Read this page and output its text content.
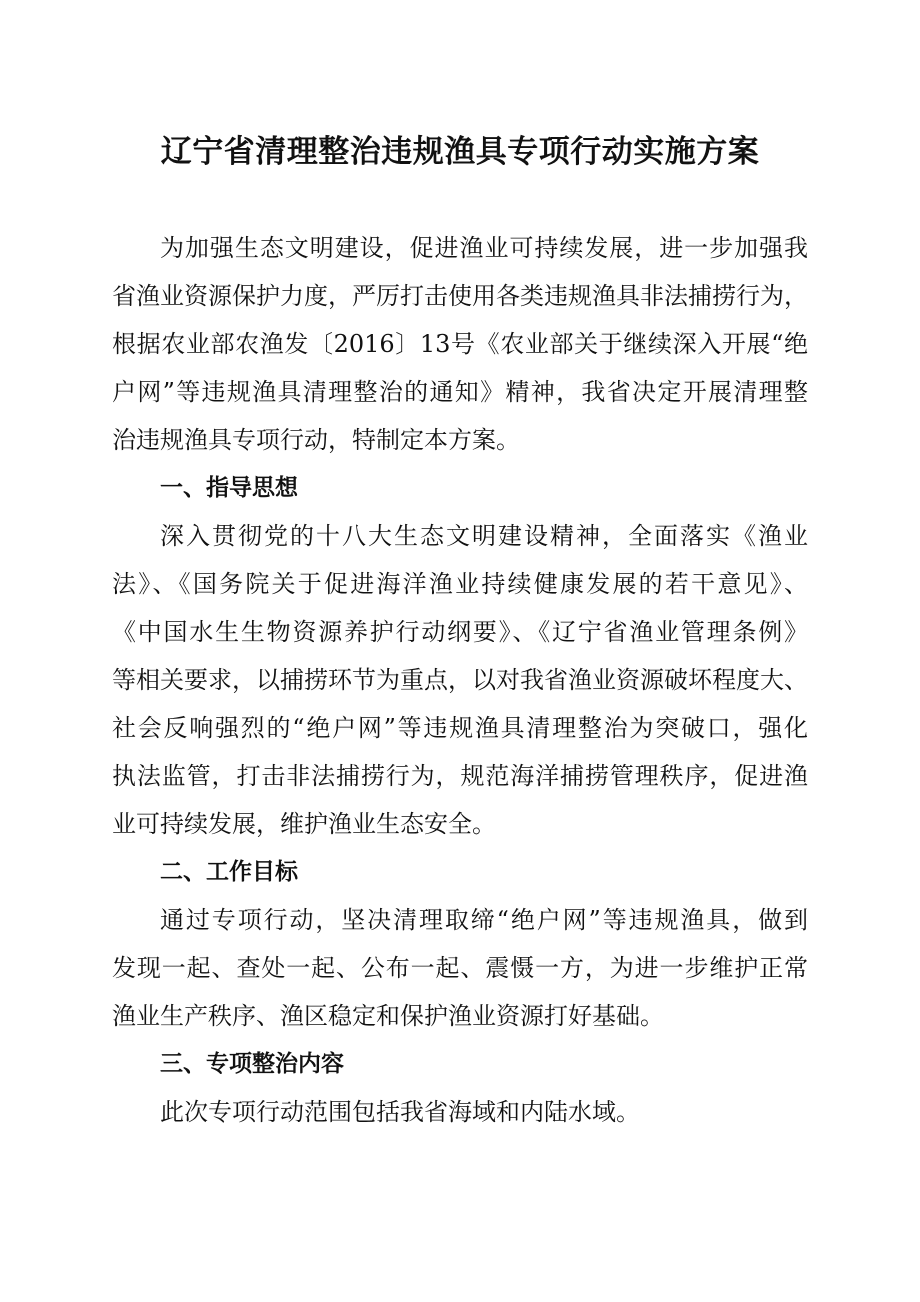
辽宁省清理整治违规渔具专项行动实施方案
为加强生态文明建设，促进渔业可持续发展，进一步加强我
省渔业资源保护力度，严厉打击使用各类违规渔具非法捕捞行为，
根据农业部农渔发〔2016〕13号《农业部关于继续深入开展“绝
户网”等违规渔具清理整治的通知》精神，我省决定开展清理整
治违规渔具专项行动，特制定本方案。
一、指导思想
深入贯彻党的十八大生态文明建设精神，全面落实《渔业
法》、《国务院关于促进海洋渔业持续健康发展的若干意见》、
《中国水生生物资源养护行动纲要》、《辽宁省渔业管理条例》
等相关要求，以捕捞环节为重点，以对我省渔业资源破坏程度大、
社会反响强烈的“绝户网”等违规渔具清理整治为突破口，强化
执法监管，打击非法捕捞行为，规范海洋捕捞管理秩序，促进渔
业可持续发展，维护渔业生态安全。
二、工作目标
通过专项行动，坚决清理取缔“绝户网”等违规渔具，做到
发现一起、查处一起、公布一起、震慑一方，为进一步维护正常
渔业生产秩序、渔区稳定和保护渔业资源打好基础。
三、专项整治内容
此次专项行动范围包括我省海域和内陆水域。
